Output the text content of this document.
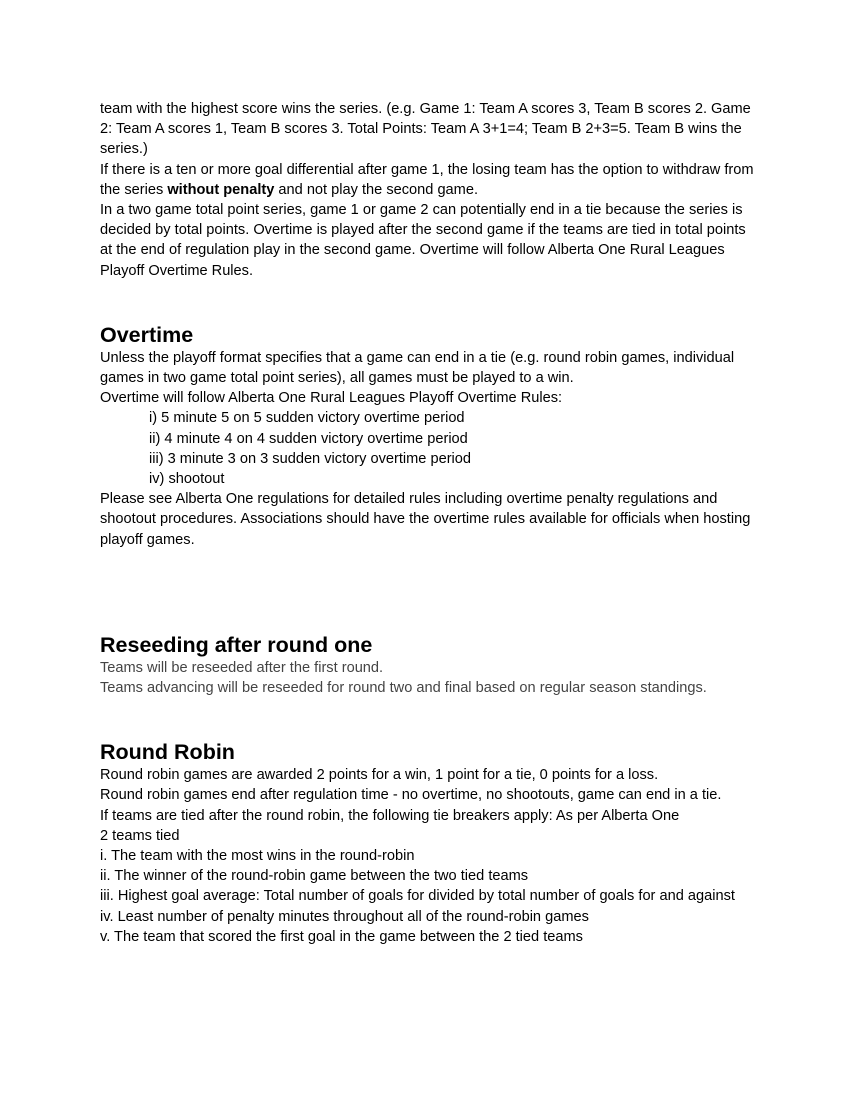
team with the highest score wins the series. (e.g. Game 1: Team A scores 3, Team B scores 2. Game 2: Team A scores 1, Team B scores 3. Total Points: Team A 3+1=4; Team B 2+3=5. Team B wins the series.)

If there is a ten or more goal differential after game 1, the losing team has the option to withdraw from the series without penalty and not play the second game.

In a two game total point series, game 1 or game 2 can potentially end in a tie because the series is decided by total points. Overtime is played after the second game if the teams are tied in total points at the end of regulation play in the second game. Overtime will follow Alberta One Rural Leagues Playoff Overtime Rules.

Overtime

Unless the playoff format specifies that a game can end in a tie (e.g. round robin games, individual games in two game total point series), all games must be played to a win.

Overtime will follow Alberta One Rural Leagues Playoff Overtime Rules:

i) 5 minute 5 on 5 sudden victory overtime period

ii) 4 minute 4 on 4 sudden victory overtime period

iii) 3 minute 3 on 3 sudden victory overtime period

iv) shootout

Please see Alberta One regulations for detailed rules including overtime penalty regulations and shootout procedures. Associations should have the overtime rules available for officials when hosting playoff games.

Reseeding after round one

Teams will be reseeded after the first round.

Teams advancing will be reseeded for round two and final based on regular season standings.

Round Robin

Round robin games are awarded 2 points for a win, 1 point for a tie, 0 points for a loss.

Round robin games end after regulation time - no overtime, no shootouts, game can end in a tie.

If teams are tied after the round robin, the following tie breakers apply: As per Alberta One

2 teams tied

i. The team with the most wins in the round-robin

ii. The winner of the round-robin game between the two tied teams

iii. Highest goal average: Total number of goals for divided by total number of goals for and against

iv. Least number of penalty minutes throughout all of the round-robin games

v. The team that scored the first goal in the game between the 2 tied teams
